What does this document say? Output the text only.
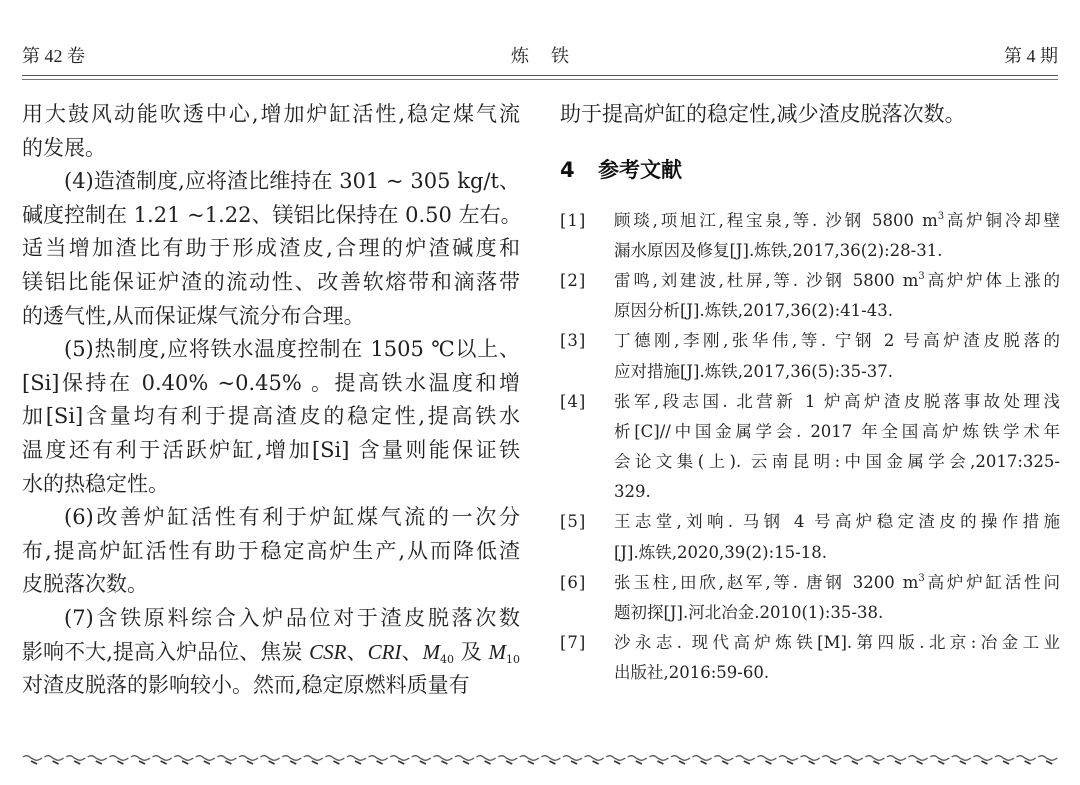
第 42 卷	炼铁	第 4 期
用大鼓风动能吹透中心,增加炉缸活性,稳定煤气流
的发展。
(4)造渣制度,应将渣比维持在 301 ~ 305 kg/t、
碱度控制在 1.21 ~1.22、镁铝比保持在 0.50 左右。
适当增加渣比有助于形成渣皮,合理的炉渣碱度和
镁铝比能保证炉渣的流动性、改善软熔带和滴落带
的透气性,从而保证煤气流分布合理。
(5)热制度,应将铁水温度控制在 1505 ℃以上、
[Si]保持在 0.40% ~0.45% 。提高铁水温度和增
加[Si]含量均有利于提高渣皮的稳定性,提高铁水
温度还有利于活跃炉缸,增加[Si] 含量则能保证铁
水的热稳定性。
(6)改善炉缸活性有利于炉缸煤气流的一次分
布,提高炉缸活性有助于稳定高炉生产,从而降低渣
皮脱落次数。
(7)含铁原料综合入炉品位对于渣皮脱落次数
影响不大,提高入炉品位、焦炭 CSR、CRI、$M_{40}$ 及 $M_{10}$
对渣皮脱落的影响较小。然而,稳定原燃料质量有
助于提高炉缸的稳定性,减少渣皮脱落次数。
4 参考文献
[1] 顾琰,项旭江,程宝泉,等. 沙钢 5800 $m^3$高炉铜冷却壁
漏水原因及修复[J].炼铁,2017,36(2):28-31.
[2] 雷鸣,刘建波,杜屏,等. 沙钢 5800 $m^3$高炉炉体上涨的
原因分析[J].炼铁,2017,36(2):41-43.
[3] 丁德刚,李刚,张华伟,等. 宁钢 2 号高炉渣皮脱落的
应对措施[J].炼铁,2017,36(5):35-37.
[4] 张军,段志国. 北营新 1 炉高炉渣皮脱落事故处理浅
析[C]//中国金属学会. 2017 年全国高炉炼铁学术年
会论文集(上). 云南昆明:中国金属学会,2017:325-
329.
[5] 王志堂,刘响. 马钢 4 号高炉稳定渣皮的操作措施
[J].炼铁,2020,39(2):15-18.
[6] 张玉柱,田欣,赵军,等. 唐钢 3200 $m^3$高炉炉缸活性问
题初探[J].河北冶金.2010(1):35-38.
[7] 沙永志. 现代高炉炼铁[M].第四版.北京:冶金工业
出版社,2016:59-60.
